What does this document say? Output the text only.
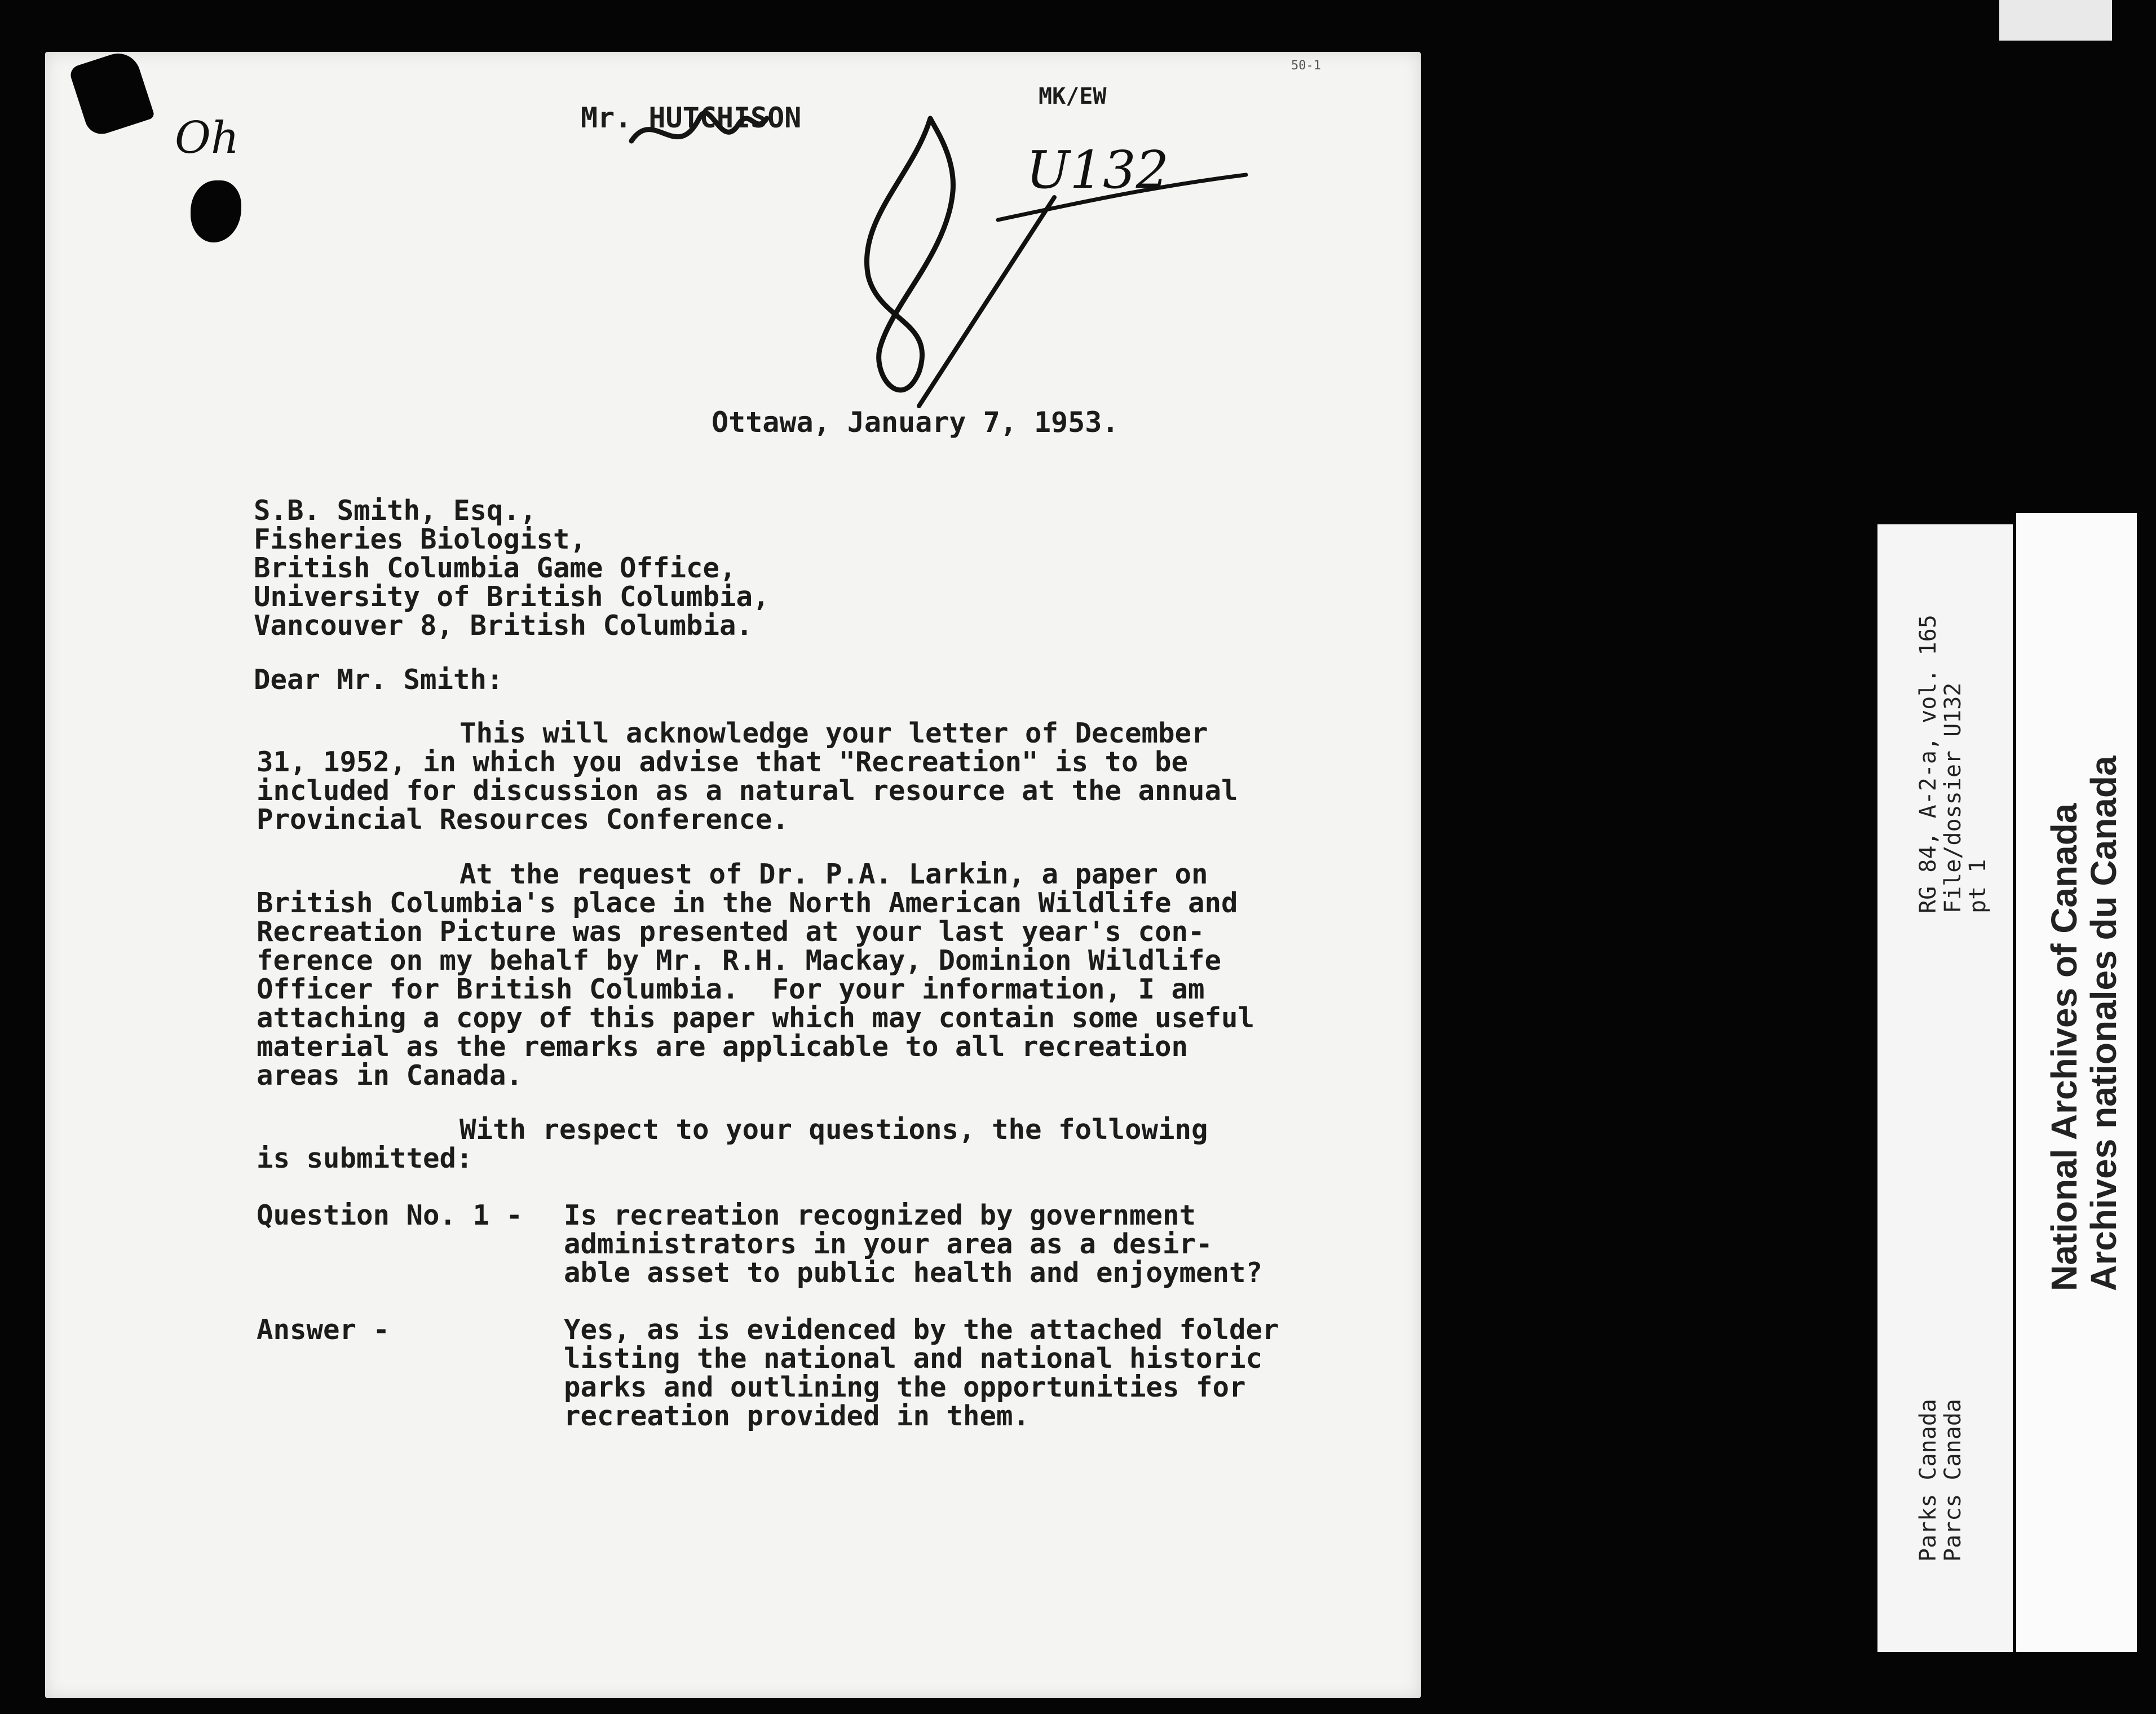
Mr. HUTCHISON
MK/EW
50-1
U132
Oh
Ottawa, January 7, 1953.
S.B. Smith, Esq.,
Fisheries Biologist,
British Columbia Game Office,
University of British Columbia,
Vancouver 8, British Columbia.
Dear Mr. Smith:
This will acknowledge your letter of December
31, 1952, in which you advise that "Recreation" is to be
included for discussion as a natural resource at the annual
Provincial Resources Conference.
At the request of Dr. P.A. Larkin, a paper on
British Columbia's place in the North American Wildlife and
Recreation Picture was presented at your last year's con-
ference on my behalf by Mr. R.H. Mackay, Dominion Wildlife
Officer for British Columbia.  For your information, I am
attaching a copy of this paper which may contain some useful
material as the remarks are applicable to all recreation
areas in Canada.
With respect to your questions, the following
is submitted:
Question No. 1 - Is recreation recognized by government
administrators in your area as a desir-
able asset to public health and enjoyment?
Answer -	Yes, as is evidenced by the attached folder
listing the national and national historic
parks and outlining the opportunities for
recreation provided in them.	Parks Canada
Parcs Canada
RG 84, A-2-a, vol. 165
File/dossier U132
pt 1 National Archives of Canada
Archives nationales du Canada
